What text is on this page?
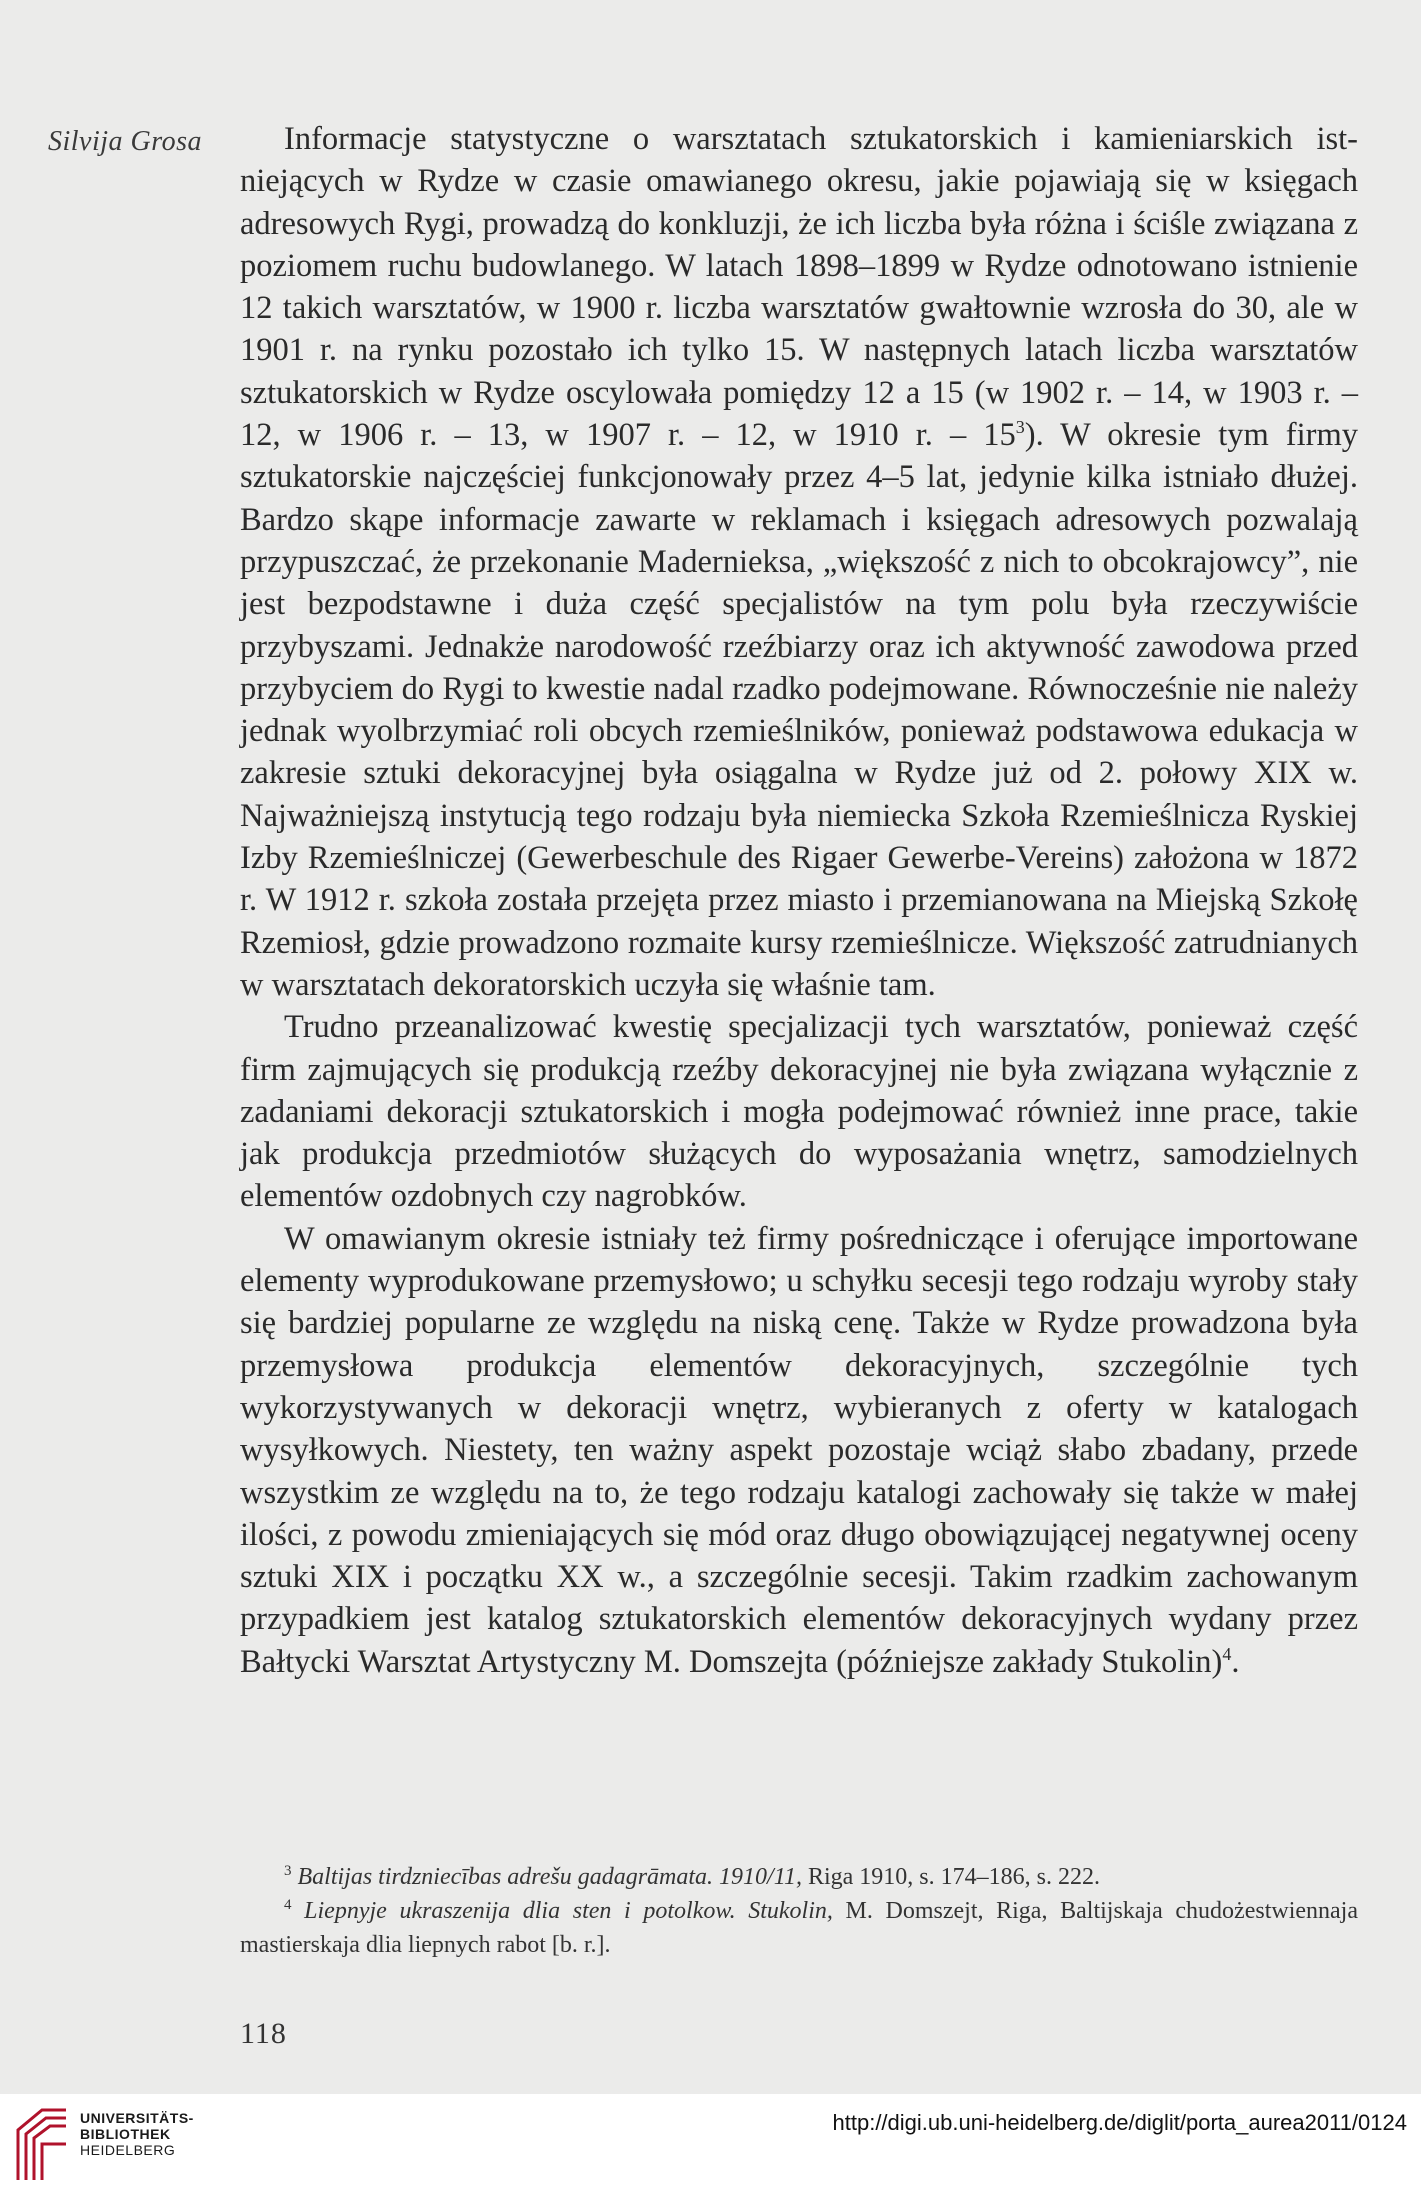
Silvija Grosa	Informacje statystyczne o warsztatach sztukatorskich i kamieniarskich istniejących w Rydze w czasie omawianego okresu, jakie pojawiają się w księgach adresowych Rygi, prowadzą do konkluzji, że ich liczba była różna i ściśle związana z poziomem ruchu budowlanego. W latach 1898–1899 w Rydze odnotowano istnienie 12 takich warsztatów, w 1900 r. liczba warsztatów gwałtownie wzrosła do 30, ale w 1901 r. na rynku pozostało ich tylko 15. W następnych latach liczba warsztatów sztukatorskich w Rydze oscylowała pomiędzy 12 a 15 (w 1902 r. – 14, w 1903 r. – 12, w 1906 r. – 13, w 1907 r. – 12, w 1910 r. – 15$^3$). W okresie tym firmy sztukatorskie najczęściej funkcjonowały przez 4–5 lat, jedynie kilka istniało dłużej. Bardzo skąpe informacje zawarte w reklamach i księgach adresowych pozwalają przypuszczać, że przekonanie Madernieksa, „większość z nich to obcokrajowcy”, nie jest bezpodstawne i duża część specjalistów na tym polu była rzeczywiście przybyszami. Jednakże narodowość rzeźbiarzy oraz ich aktywność zawodowa przed przybyciem do Rygi to kwestie nadal rzadko podejmowane. Równocześnie nie należy jednak wyolbrzymiać roli obcych rzemieślników, ponieważ podstawowa edukacja w zakresie sztuki dekoracyjnej była osiągalna w Rydze już od 2. połowy XIX w. Najważniejszą instytucją tego rodzaju była niemiecka Szkoła Rzemieślnicza Ryskiej Izby Rzemieślniczej (Gewerbeschule des Rigaer Gewerbe-Vereins) założona w 1872 r. W 1912 r. szkoła została przejęta przez miasto i przemianowana na Miejską Szkołę Rzemiosł, gdzie prowadzono rozmaite kursy rzemieślnicze. Większość zatrudnianych w warsztatach dekoratorskich uczyła się właśnie tam.

Trudno przeanalizować kwestię specjalizacji tych warsztatów, ponieważ część firm zajmujących się produkcją rzeźby dekoracyjnej nie była związana wyłącznie z zadaniami dekoracji sztukatorskich i mogła podejmować również inne prace, takie jak produkcja przedmiotów służących do wyposażania wnętrz, samodzielnych elementów ozdobnych czy nagrobków.

W omawianym okresie istniały też firmy pośredniczące i oferujące importowane elementy wyprodukowane przemysłowo; u schyłku secesji tego rodzaju wyroby stały się bardziej popularne ze względu na niską cenę. Także w Rydze prowadzona była przemysłowa produkcja elementów dekoracyjnych, szczególnie tych wykorzystywanych w dekoracji wnętrz, wybieranych z oferty w katalogach wysyłkowych. Niestety, ten ważny aspekt pozostaje wciąż słabo zbadany, przede wszystkim ze względu na to, że tego rodzaju katalogi zachowały się także w małej ilości, z powodu zmieniających się mód oraz długo obowiązującej negatywnej oceny sztuki XIX i początku XX w., a szczególnie secesji. Takim rzadkim zachowanym przypadkiem jest katalog sztukatorskich elementów dekoracyjnych wydany przez Bałtycki Warsztat Artystyczny M. Domszejta (późniejsze zakłady Stukolin)$^4$.

$^3$ Baltijas tirdzniecības adrešu gadagrāmata. 1910/11, Riga 1910, s. 174–186, s. 222.

$^4$ Liepnyje ukraszenija dlia sten i potolkow. Stukolin, M. Domszejt, Riga, Baltijskaja chudożestwiennaja mastierskaja dlia liepnych rabot [b. r.].

118
UNIVERSITÄTS-
BIBLIOTHEK
HEIDELBERG
http://digi.ub.uni-heidelberg.de/diglit/porta_aurea2011/0124
